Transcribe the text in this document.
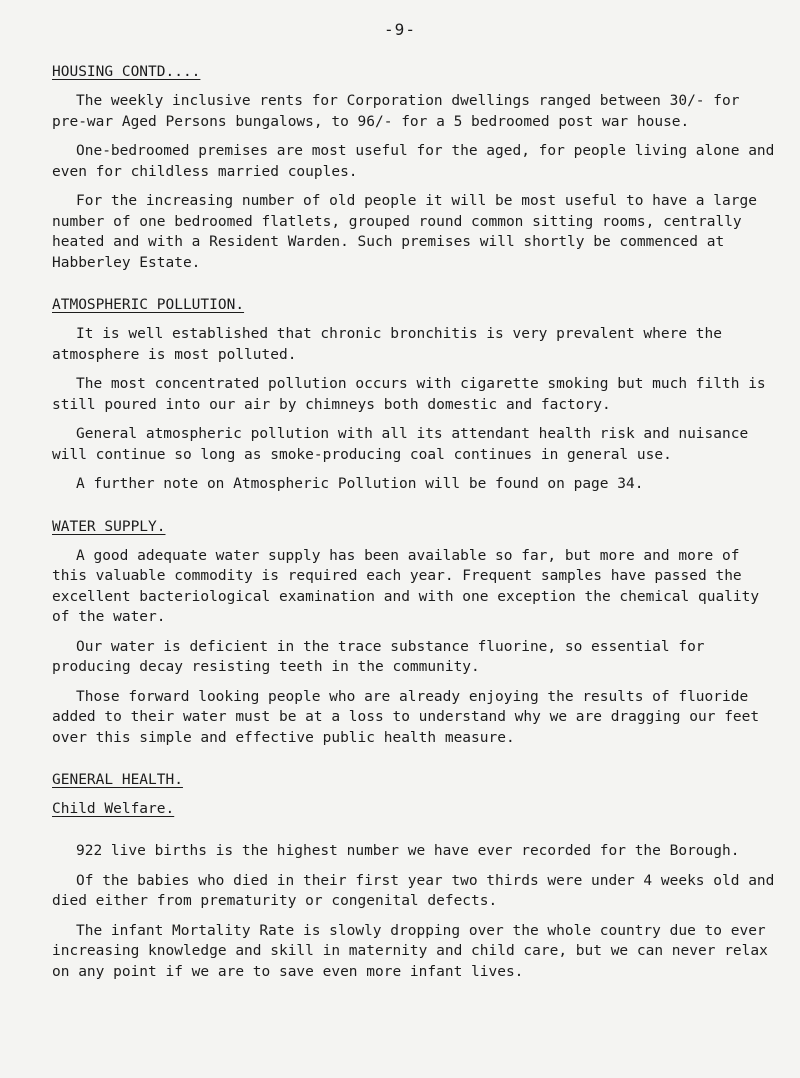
-9-
HOUSING CONTD....

The weekly inclusive rents for Corporation dwellings ranged between 30/- for pre-war Aged Persons bungalows, to 96/- for a 5 bedroomed post war house.

One-bedroomed premises are most useful for the aged, for people living alone and even for childless married couples.

For the increasing number of old people it will be most useful to have a large number of one bedroomed flatlets, grouped round common sitting rooms, centrally heated and with a Resident Warden. Such premises will shortly be commenced at Habberley Estate.

ATMOSPHERIC POLLUTION.

It is well established that chronic bronchitis is very prevalent where the atmosphere is most polluted.

The most concentrated pollution occurs with cigarette smoking but much filth is still poured into our air by chimneys both domestic and factory.

General atmospheric pollution with all its attendant health risk and nuisance will continue so long as smoke-producing coal continues in general use.

A further note on Atmospheric Pollution will be found on page 34.

WATER SUPPLY.

A good adequate water supply has been available so far, but more and more of this valuable commodity is required each year. Frequent samples have passed the excellent bacteriological examination and with one exception the chemical quality of the water.

Our water is deficient in the trace substance fluorine, so essential for producing decay resisting teeth in the community.

Those forward looking people who are already enjoying the results of fluoride added to their water must be at a loss to understand why we are dragging our feet over this simple and effective public health measure.

GENERAL HEALTH.
Child Welfare.

922 live births is the highest number we have ever recorded for the Borough.

Of the babies who died in their first year two thirds were under 4 weeks old and died either from prematurity or congenital defects.

The infant Mortality Rate is slowly dropping over the whole country due to ever increasing knowledge and skill in maternity and child care, but we can never relax on any point if we are to save even more infant lives.
